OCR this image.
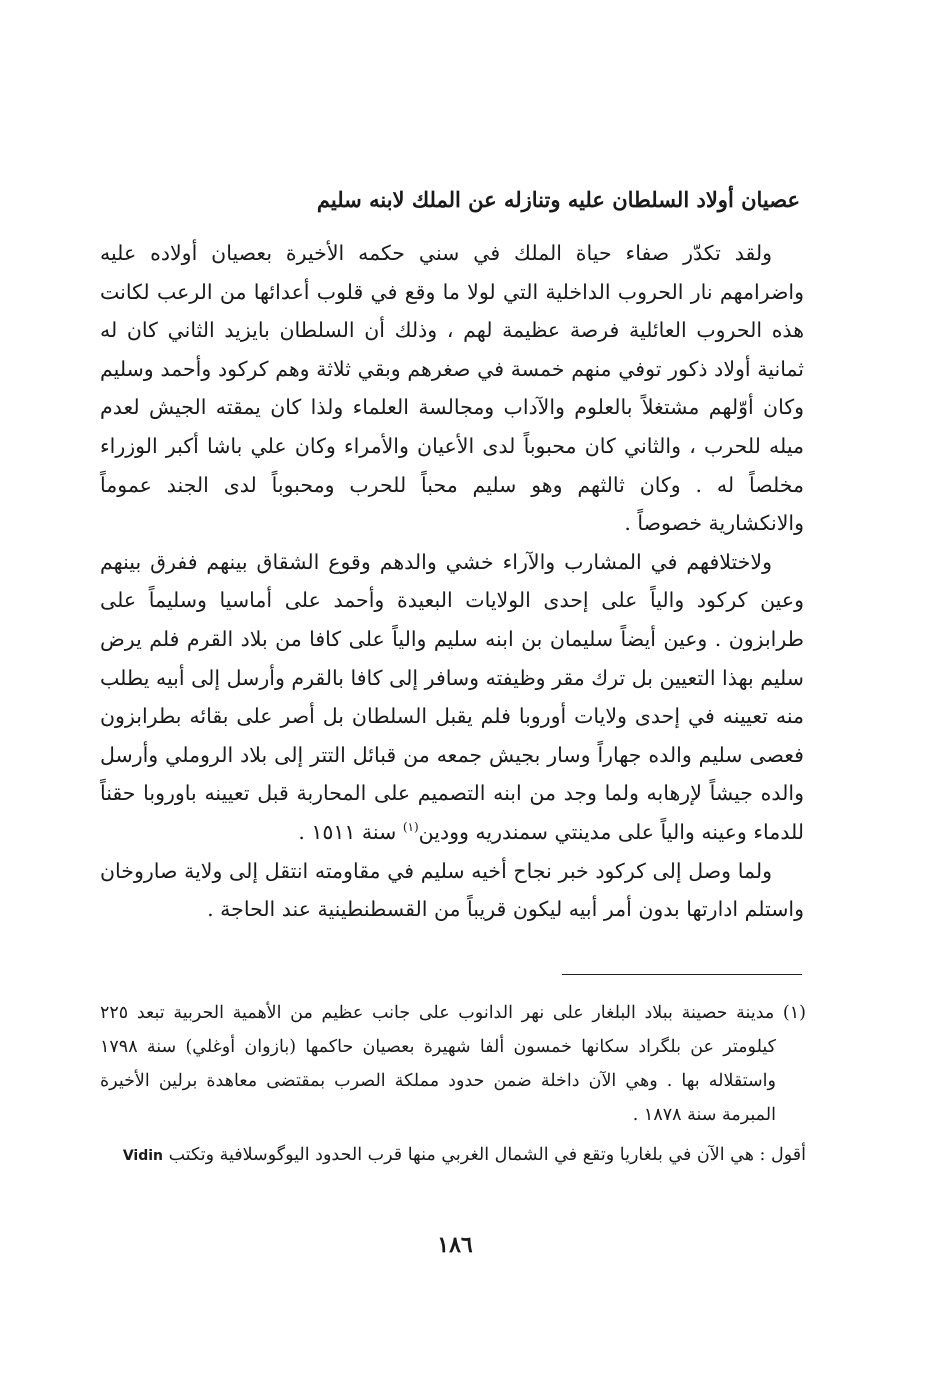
عصيان أولاد السلطان عليه وتنازله عن الملك لابنه سليم

ولقد تكدّر صفاء حياة الملك في سني حكمه الأخيرة بعصيان أولاده عليه واضرامهم نار الحروب الداخلية التي لولا ما وقع في قلوب أعدائها من الرعب لكانت هذه الحروب العائلية فرصة عظيمة لهم ، وذلك أن السلطان بايزيد الثاني كان له ثمانية أولاد ذكور توفي منهم خمسة في صغرهم وبقي ثلاثة وهم كركود وأحمد وسليم وكان أوّلهم مشتغلاً بالعلوم والآداب ومجالسة العلماء ولذا كان يمقته الجيش لعدم ميله للحرب ، والثاني كان محبوباً لدى الأعيان والأمراء وكان علي باشا أكبر الوزراء مخلصاً له . وكان ثالثهم وهو سليم محباً للحرب ومحبوباً لدى الجند عموماً والانكشارية خصوصاً .

ولاختلافهم في المشارب والآراء خشي والدهم وقوع الشقاق بينهم ففرق بينهم وعين كركود والياً على إحدى الولايات البعيدة وأحمد على أماسيا وسليماً على طرابزون . وعين أيضاً سليمان بن ابنه سليم والياً على كافا من بلاد القرم فلم يرض سليم بهذا التعيين بل ترك مقر وظيفته وسافر إلى كافا بالقرم وأرسل إلى أبيه يطلب منه تعيينه في إحدى ولايات أوروبا فلم يقبل السلطان بل أصر على بقائه بطرابزون فعصى سليم والده جهاراً وسار بجيش جمعه من قبائل التتر إلى بلاد الروملي وأرسل والده جيشاً لإرهابه ولما وجد من ابنه التصميم على المحاربة قبل تعيينه باوروبا حقناً للدماء وعينه والياً على مدينتي سمندريه وودين$^{(١)}$ سنة ١٥١١ .

ولما وصل إلى كركود خبر نجاح أخيه سليم في مقاومته انتقل إلى ولاية صاروخان واستلم ادارتها بدون أمر أبيه ليكون قريباً من القسطنطينية عند الحاجة .

(١) مدينة حصينة ببلاد البلغار على نهر الدانوب على جانب عظيم من الأهمية الحربية تبعد ٢٢٥ كيلومتر عن بلگراد سكانها خمسون ألفا شهيرة بعصيان حاكمها (بازوان أوغلي) سنة ١٧٩٨ واستقلاله بها . وهي الآن داخلة ضمن حدود مملكة الصرب بمقتضى معاهدة برلين الأخيرة المبرمة سنة ١٨٧٨ .

أقول : هي الآن في بلغاريا وتقع في الشمال الغربي منها قرب الحدود اليوگوسلافية وتكتب Vidin

١٨٦
